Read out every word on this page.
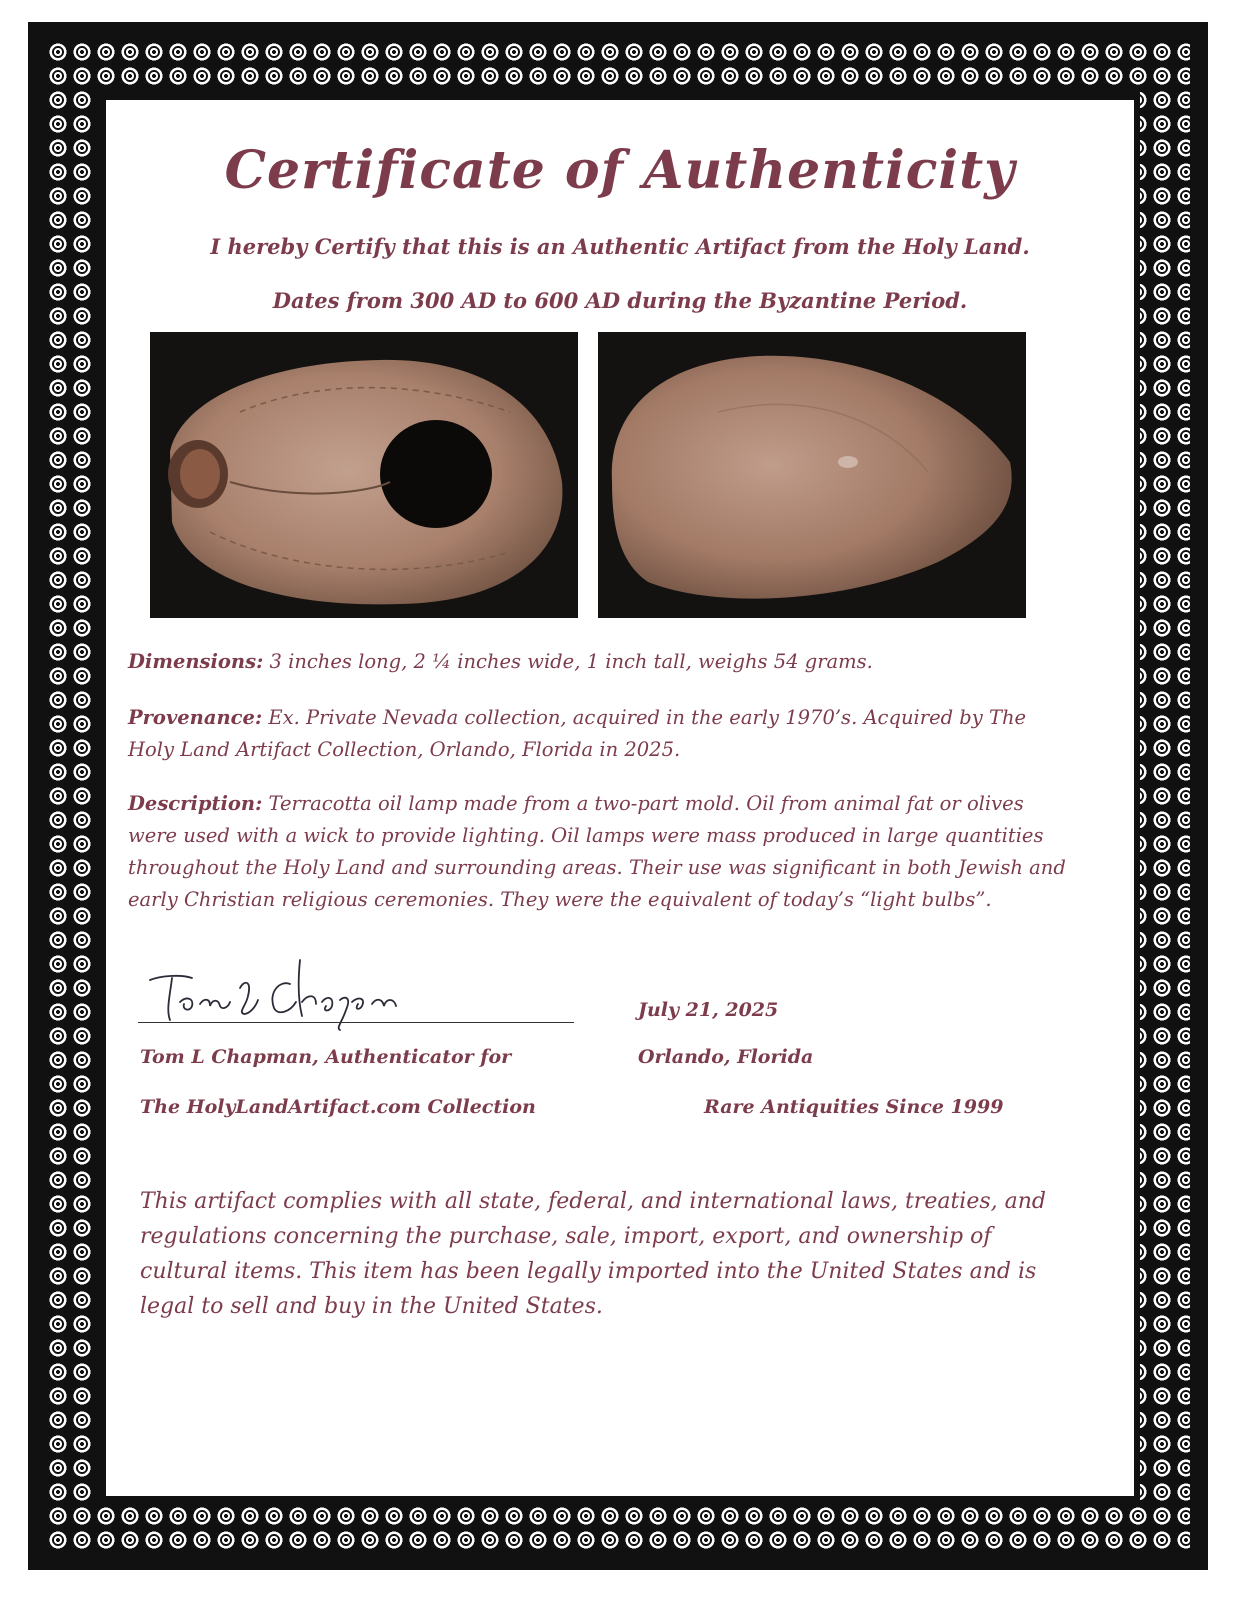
Certificate of Authenticity
I hereby Certify that this is an Authentic Artifact from the Holy Land.
Dates from 300 AD to 600 AD during the Byzantine Period.
Dimensions: 3 inches long, 2 ¼ inches wide, 1 inch tall, weighs 54 grams.
Provenance: Ex. Private Nevada collection, acquired in the early 1970’s. Acquired by The Holy Land Artifact Collection, Orlando, Florida in 2025.
Description: Terracotta oil lamp made from a two-part mold. Oil from animal fat or olives were used with a wick to provide lighting. Oil lamps were mass produced in large quantities throughout the Holy Land and surrounding areas. Their use was significant in both Jewish and early Christian religious ceremonies. They were the equivalent of today’s “light bulbs”.
Tom L Chapman, Authenticator for
The HolyLandArtifact.com Collection
July 21, 2025
Orlando, Florida
Rare Antiquities Since 1999
This artifact complies with all state, federal, and international laws, treaties, and regulations concerning the purchase, sale, import, export, and ownership of cultural items. This item has been legally imported into the United States and is legal to sell and buy in the United States.
